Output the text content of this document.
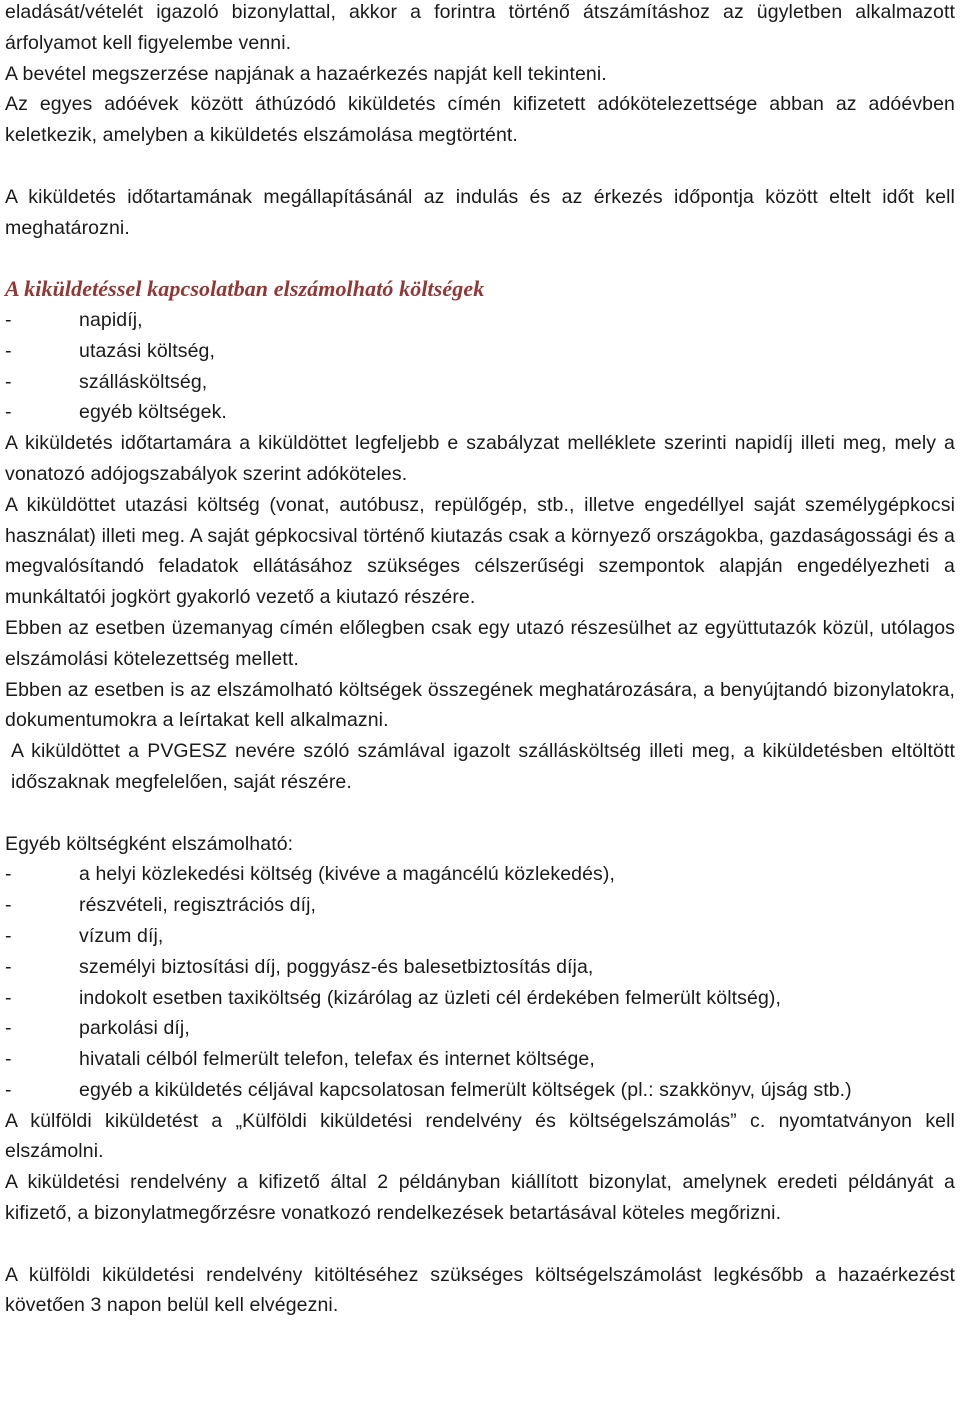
eladását/vételét igazoló bizonylattal, akkor a forintra történő átszámításhoz az ügyletben alkalmazott árfolyamot kell figyelembe venni.

A bevétel megszerzése napjának a hazaérkezés napját kell tekinteni.

Az egyes adóévek között áthúzódó kiküldetés címén kifizetett adókötelezettsége abban az adóévben keletkezik, amelyben a kiküldetés elszámolása megtörtént.

A kiküldetés időtartamának megállapításánál az indulás és az érkezés időpontja között eltelt időt kell meghatározni.

A kiküldetéssel kapcsolatban elszámolható költségek
-	napidíj,
-	utazási költség,
-	szállásköltség,
-	egyéb költségek.

A kiküldetés időtartamára a kiküldöttet legfeljebb e szabályzat melléklete szerinti napidíj illeti meg, mely a vonatozó adójogszabályok szerint adóköteles.

A kiküldöttet utazási költség (vonat, autóbusz, repülőgép, stb., illetve engedéllyel saját személygépkocsi használat) illeti meg. A saját gépkocsival történő kiutazás csak a környező országokba, gazdaságossági és a megvalósítandó feladatok ellátásához szükséges célszerűségi szempontok alapján engedélyezheti a munkáltatói jogkört gyakorló vezető a kiutazó részére.

Ebben az esetben üzemanyag címén előlegben csak egy utazó részesülhet az együttutazók közül, utólagos elszámolási kötelezettség mellett.

Ebben az esetben is az elszámolható költségek összegének meghatározására, a benyújtandó bizonylatokra, dokumentumokra a leírtakat kell alkalmazni.

A kiküldöttet a PVGESZ nevére szóló számlával igazolt szállásköltség illeti meg, a kiküldetésben eltöltött időszaknak megfelelően, saját részére.

Egyéb költségként elszámolható:

-	a helyi közlekedési költség (kivéve a magáncélú közlekedés),
-	részvételi, regisztrációs díj,
-	vízum díj,
-	személyi biztosítási díj, poggyász-és balesetbiztosítás díja,
-	indokolt esetben taxiköltség (kizárólag az üzleti cél érdekében felmerült költség),
-	parkolási díj,
-	hivatali célból felmerült telefon, telefax és internet költsége,
-	egyéb a kiküldetés céljával kapcsolatosan felmerült költségek (pl.: szakkönyv, újság stb.)

A külföldi kiküldetést a „Külföldi kiküldetési rendelvény és költségelszámolás” c. nyomtatványon kell elszámolni.

A kiküldetési rendelvény a kifizető által 2 példányban kiállított bizonylat, amelynek eredeti példányát a kifizető, a bizonylatmegőrzésre vonatkozó rendelkezések betartásával köteles megőrizni.

A külföldi kiküldetési rendelvény kitöltéséhez szükséges költségelszámolást legkésőbb a hazaérkezést követően 3 napon belül kell elvégezni.
